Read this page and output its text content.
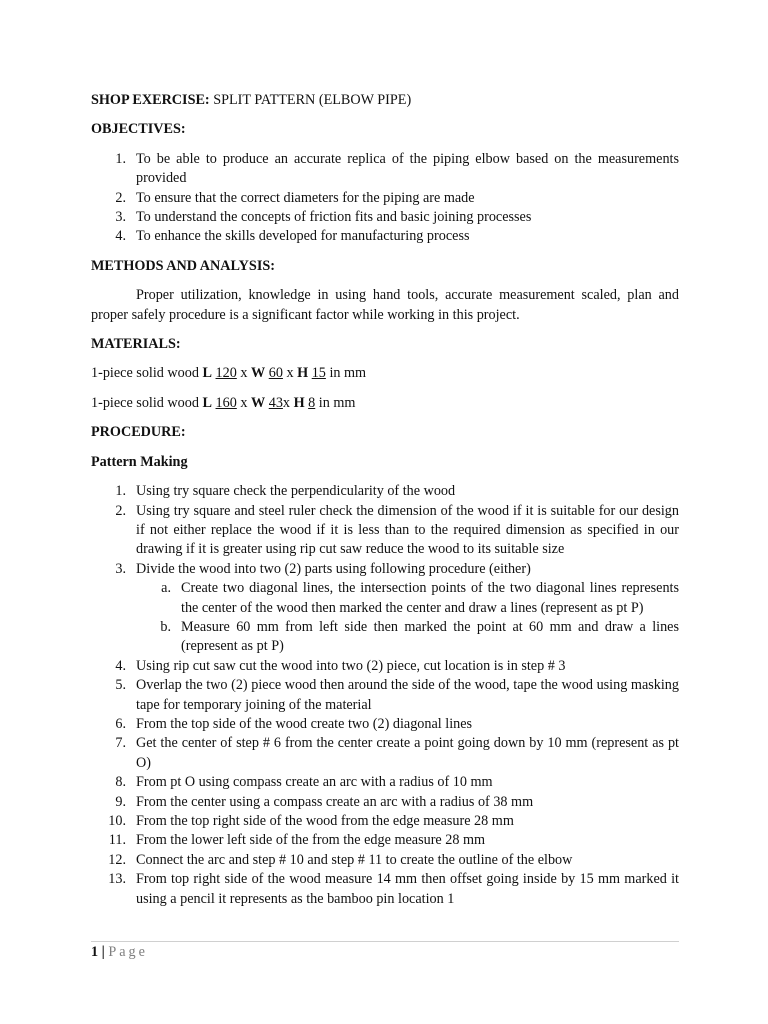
SHOP EXERCISE: SPLIT PATTERN (ELBOW PIPE)

OBJECTIVES:

1. To be able to produce an accurate replica of the piping elbow based on the measurements provided
2. To ensure that the correct diameters for the piping are made
3. To understand the concepts of friction fits and basic joining processes
4. To enhance the skills developed for manufacturing process

METHODS AND ANALYSIS:

Proper utilization, knowledge in using hand tools, accurate measurement scaled, plan and proper safely procedure is a significant factor while working in this project.

MATERIALS:

1-piece solid wood L 120 x W 60 x H 15 in mm

1-piece solid wood L 160 x W 43x H 8 in mm

PROCEDURE:

Pattern Making

1. Using try square check the perpendicularity of the wood
2. Using try square and steel ruler check the dimension of the wood if it is suitable for our design if not either replace the wood if it is less than to the required dimension as specified in our drawing if it is greater using rip cut saw reduce the wood to its suitable size
3. Divide the wood into two (2) parts using following procedure (either)
a. Create two diagonal lines, the intersection points of the two diagonal lines represents the center of the wood then marked the center and draw a lines (represent as pt P)
b. Measure 60 mm from left side then marked the point at 60 mm and draw a lines (represent as pt P)
4. Using rip cut saw cut the wood into two (2) piece, cut location is in step # 3
5. Overlap the two (2) piece wood then around the side of the wood, tape the wood using masking tape for temporary joining of the material
6. From the top side of the wood create two (2) diagonal lines
7. Get the center of step # 6 from the center create a point going down by 10 mm (represent as pt O)
8. From pt O using compass create an arc with a radius of 10 mm
9. From the center using a compass create an arc with a radius of 38 mm
10. From the top right side of the wood from the edge measure 28 mm
11. From the lower left side of the from the edge measure 28 mm
12. Connect the arc and step # 10 and step # 11 to create the outline of the elbow
13. From top right side of the wood measure 14 mm then offset going inside by 15 mm marked it using a pencil it represents as the bamboo pin location 1
1 | Page
